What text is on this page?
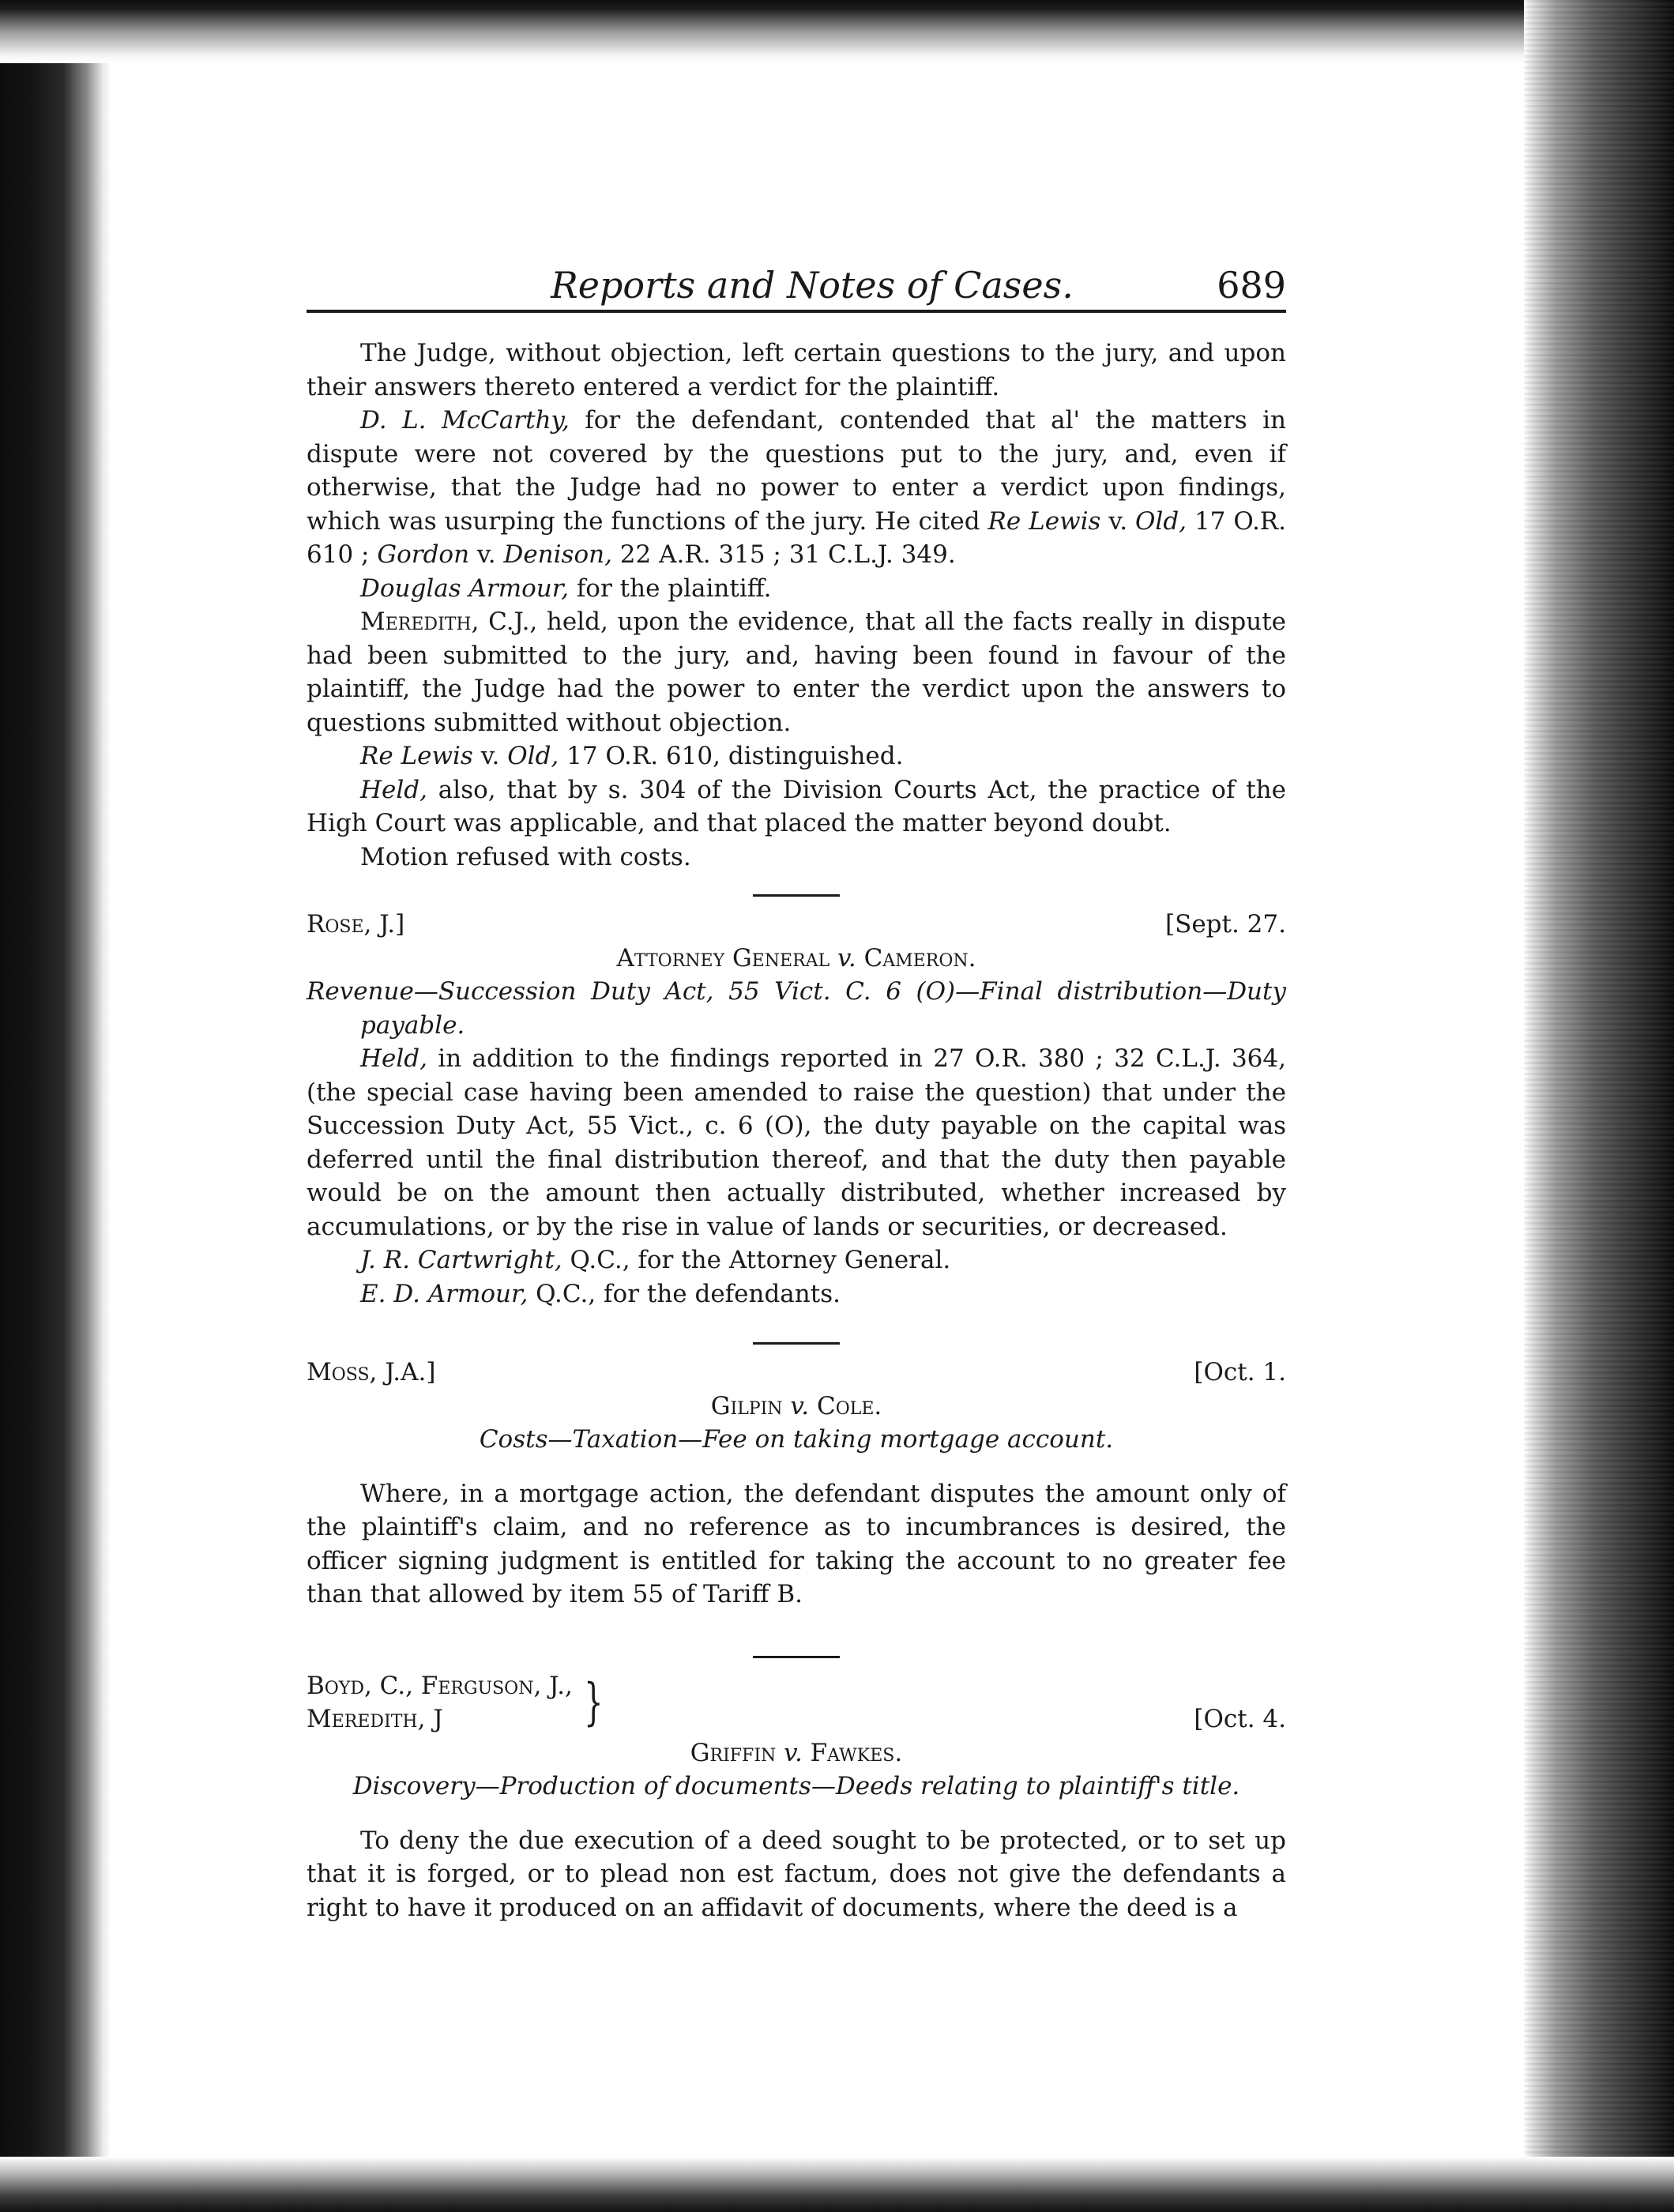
Reports and Notes of Cases.	689

The Judge, without objection, left certain questions to the jury, and upon their answers thereto entered a verdict for the plaintiff.

D. L. McCarthy, for the defendant, contended that al' the matters in dispute were not covered by the questions put to the jury, and, even if otherwise, that the Judge had no power to enter a verdict upon findings, which was usurping the functions of the jury. He cited Re Lewis v. Old, 17 O.R. 610 ; Gordon v. Denison, 22 A.R. 315 ; 31 C.L.J. 349.

Douglas Armour, for the plaintiff.

Meredith, C.J., held, upon the evidence, that all the facts really in dispute had been submitted to the jury, and, having been found in favour of the plaintiff, the Judge had the power to enter the verdict upon the answers to questions submitted without objection.

Re Lewis v. Old, 17 O.R. 610, distinguished.

Held, also, that by s. 304 of the Division Courts Act, the practice of the High Court was applicable, and that placed the matter beyond doubt.

Motion refused with costs.

Rose, J.]	[Sept. 27.
Attorney General v. Cameron.

Revenue—Succession Duty Act, 55 Vict. C. 6 (O)—Final distribution—Duty payable.

Held, in addition to the findings reported in 27 O.R. 380 ; 32 C.L.J. 364, (the special case having been amended to raise the question) that under the Succession Duty Act, 55 Vict., c. 6 (O), the duty payable on the capital was deferred until the final distribution thereof, and that the duty then payable would be on the amount then actually distributed, whether increased by accumulations, or by the rise in value of lands or securities, or decreased.

J. R. Cartwright, Q.C., for the Attorney General.

E. D. Armour, Q.C., for the defendants.

Moss, J.A.]	[Oct. 1.
Gilpin v. Cole.

Costs—Taxation—Fee on taking mortgage account.

Where, in a mortgage action, the defendant disputes the amount only of the plaintiff's claim, and no reference as to incumbrances is desired, the officer signing judgment is entitled for taking the account to no greater fee than that allowed by item 55 of Tariff B.

Boyd, C., Ferguson, J.,
Meredith, J	}	[Oct. 4.
Griffin v. Fawkes.

Discovery—Production of documents—Deeds relating to plaintiff's title.

To deny the due execution of a deed sought to be protected, or to set up that it is forged, or to plead non est factum, does not give the defendants a right to have it produced on an affidavit of documents, where the deed is a
